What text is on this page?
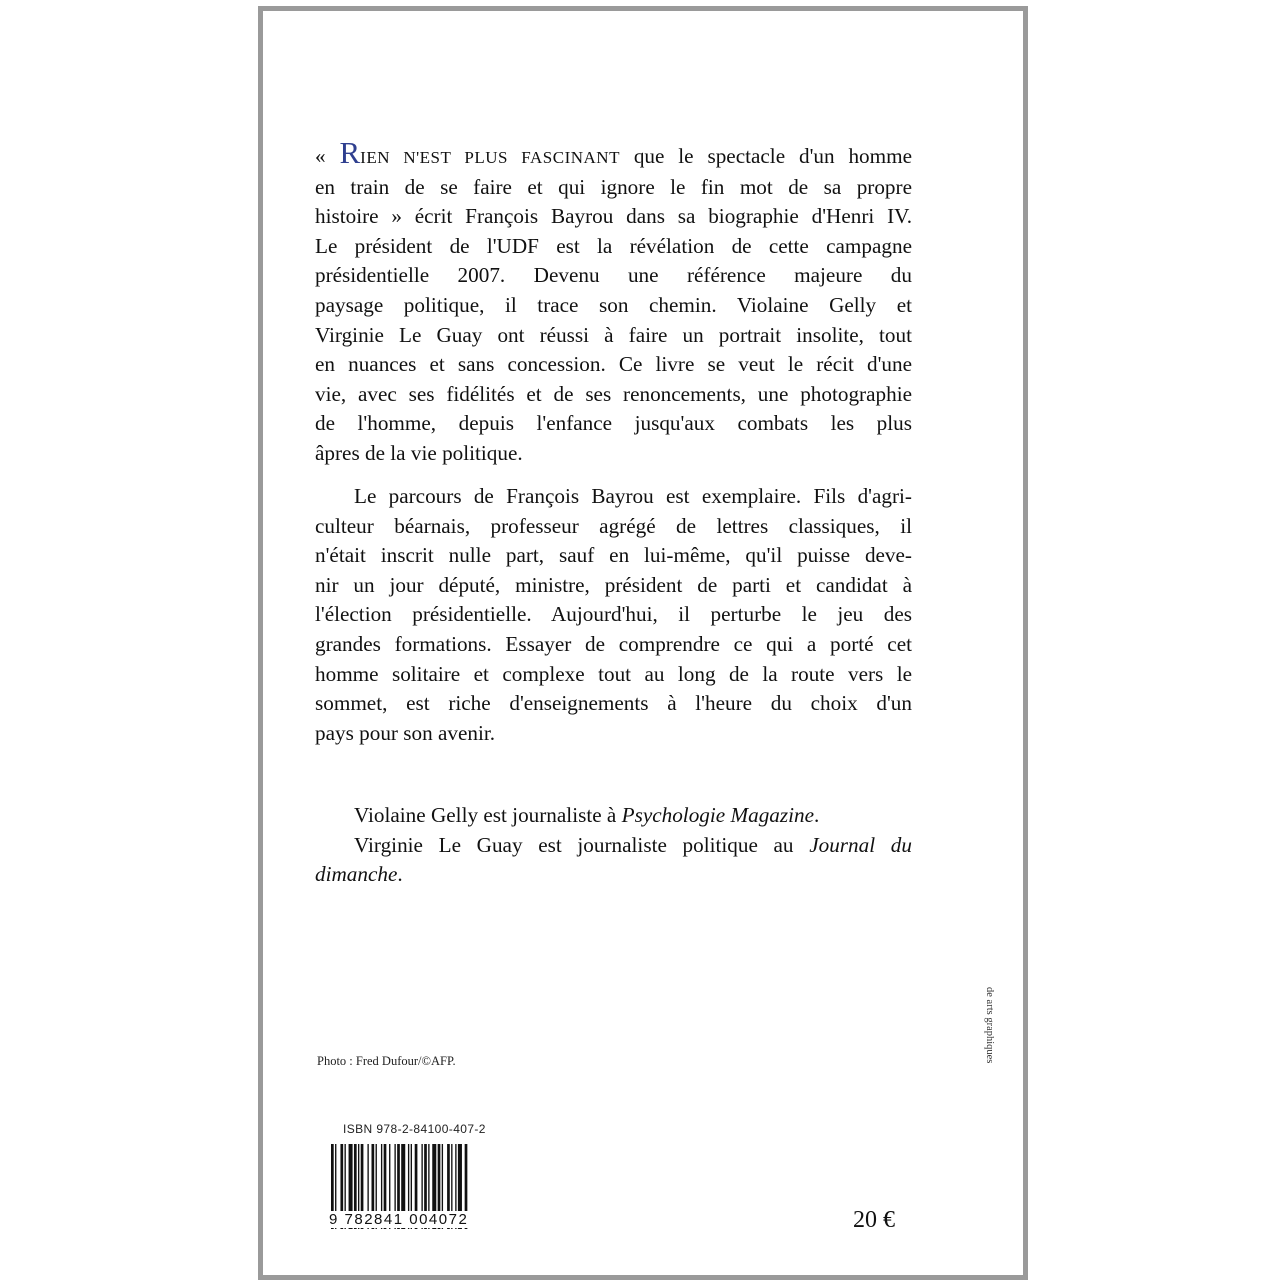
« RIEN N'EST PLUS FASCINANT que le spectacle d'un homme
en train de se faire et qui ignore le fin mot de sa propre
histoire » écrit François Bayrou dans sa biographie d'Henri IV.
Le président de l'UDF est la révélation de cette campagne
présidentielle 2007. Devenu une référence majeure du
paysage politique, il trace son chemin. Violaine Gelly et
Virginie Le Guay ont réussi à faire un portrait insolite, tout
en nuances et sans concession. Ce livre se veut le récit d'une
vie, avec ses fidélités et de ses renoncements, une photographie
de l'homme, depuis l'enfance jusqu'aux combats les plus
âpres de la vie politique.
Le parcours de François Bayrou est exemplaire. Fils d'agri-
culteur béarnais, professeur agrégé de lettres classiques, il
n'était inscrit nulle part, sauf en lui-même, qu'il puisse deve-
nir un jour député, ministre, président de parti et candidat à
l'élection présidentielle. Aujourd'hui, il perturbe le jeu des
grandes formations. Essayer de comprendre ce qui a porté cet
homme solitaire et complexe tout au long de la route vers le
sommet, est riche d'enseignements à l'heure du choix d'un
pays pour son avenir.
Violaine Gelly est journaliste à Psychologie Magazine.
Virginie Le Guay est journaliste politique au Journal du
dimanche.
de arts graphiques
Photo : Fred Dufour/©AFP.
ISBN 978-2-84100-407-2
9 782841 004072	20 €
